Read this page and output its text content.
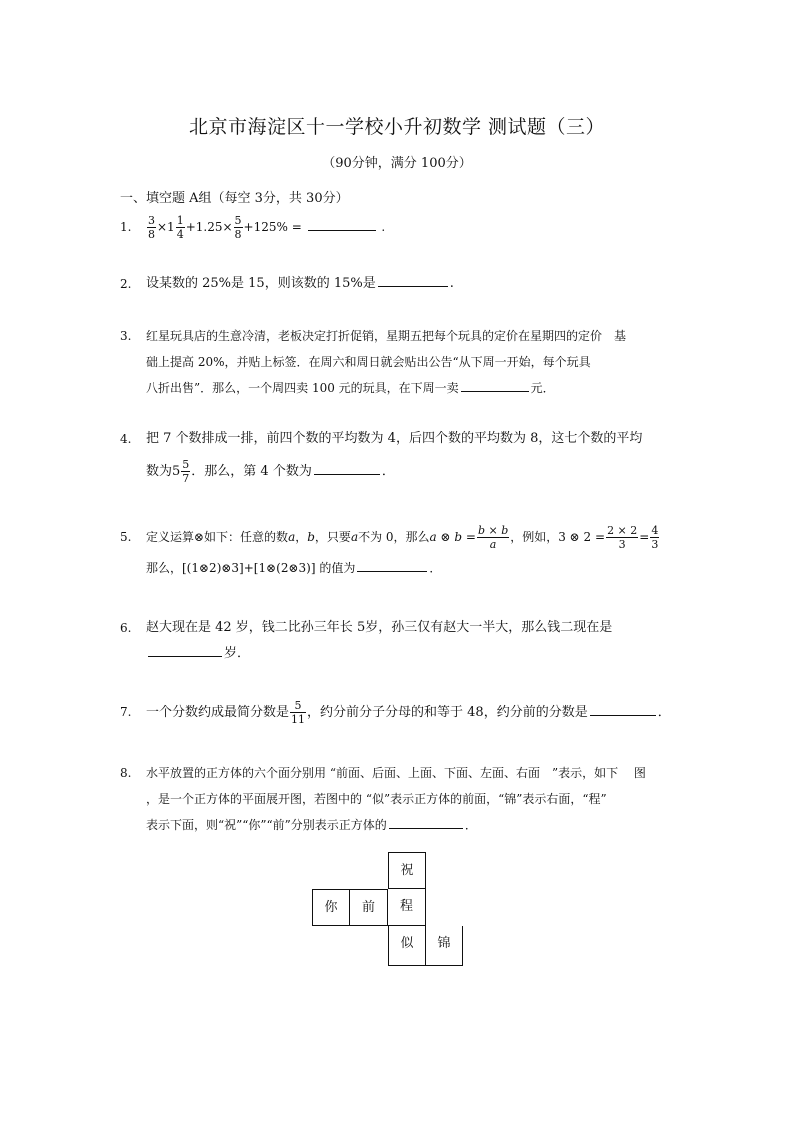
北京市海淀区十一学校小升初数学 测试题（三）
（90分钟，满分 100分）
一、填空题 A组（每空 3分，共 30分）
1.	$\frac{3}{8} \times 1 \frac{1}{4} +1.25\times \frac{5}{8} +125\%$ =	.
2.	设某数的 25%是 15，则该数的 15%是	.
3.	红星玩具店的生意冷清，老板决定打折促销，星期五把每个玩具的定价在星期四的定价　基
础上提高 20%，并贴上标签．在周六和周日就会贴出公告“从下周一开始，每个玩具
八折出售”．那么，一个周四卖 100 元的玩具，在下周一卖	元．
4.	把 7 个数排成一排，前四个数的平均数为 4，后四个数的平均数为 8，这七个数的平均
数为$5 \frac{5}{7}$ ．那么，第 4 个数为	．
5.	定义运算⊗如下：任意的数a，b，只要a不为 0，那么a ⊗ $b = \frac{b \times b}{a}$ ，例如，3 ⊗ $2 = \frac{2 \times 2}{3} = \frac{4}{3}$
那么，[(1⊗2)⊗3]+[1⊗(2⊗3)] 的值为	．
6.	赵大现在是 42 岁，钱二比孙三年长 5岁，孙三仅有赵大一半大，那么钱二现在是
岁．
7.	一个分数约成最简分数是 $\frac{5}{11}$ ，约分前分子分母的和等于 48，约分前的分数是	．
8.	水平放置的正方体的六个面分别用 “前面、后面、上面、下面、左面、右面　”表示，如下　 图
，是一个正方体的平面展开图，若图中的 “似”表示正方体的前面，“锦”表示右面，“程”
表示下面，则“祝”“你”“前”分别表示正方体的	．
祝
你	前	程
似	锦
